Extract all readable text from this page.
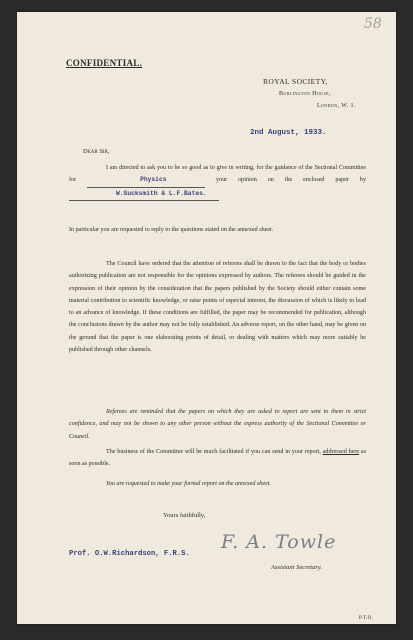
58
CONFIDENTIAL.
ROYAL SOCIETY,
Burlington House,
London, W. 1.
2nd August, 1933.
Dear Sir,
I am directed to ask you to be so good as to give in writing, for the guidance of the Sectional Committee for	Physics	your opinion on the enclosed paper by W.Sucksmith & L.F.Bates.
In particular you are requested to reply to the questions stated on the annexed sheet.
The Council have ordered that the attention of referees shall be drawn to the fact that the body or bodies authorizing publication are not responsible for the opinions expressed by authors. The referees should be guided in the expression of their opinion by the consideration that the papers published by the Society should either contain some material contribution to scientific knowledge, or raise points of especial interest, the discussion of which is likely to lead to an advance of knowledge. If these conditions are fulfilled, the paper may be recommended for publication, although the conclusions drawn by the author may not be fully established. An adverse report, on the other hand, may be given on the ground that the paper is one elaborating points of detail, or dealing with matters which may more suitably be published through other channels.
Referees are reminded that the papers on which they are asked to report are sent to them in strict confidence, and may not be shown to any other person without the express authority of the Sectional Committee or Council.
The business of the Committee will be much facilitated if you can send in your report, addressed here as soon as possible.
You are requested to make your formal report on the annexed sheet.
Yours faithfully,
F. A. Towle
Prof. O.W.Richardson, F.R.S.
Assistant Secretary.
P.T.O.
